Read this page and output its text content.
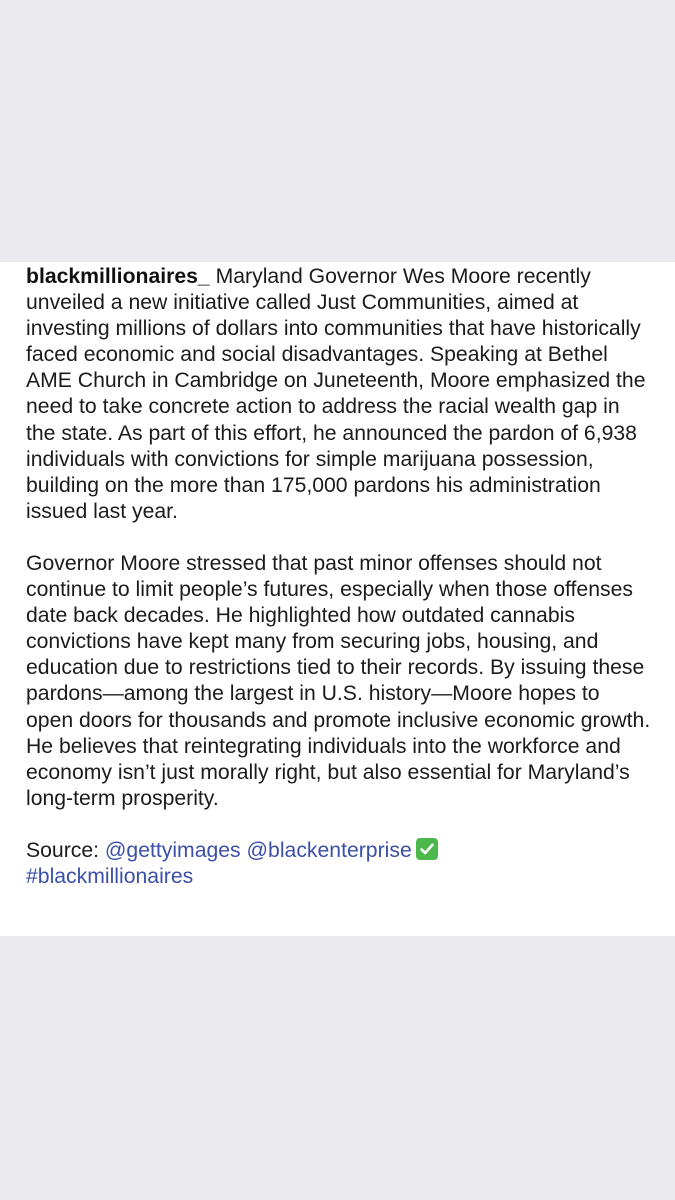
blackmillionaires_ Maryland Governor Wes Moore recently unveiled a new initiative called Just Communities, aimed at investing millions of dollars into communities that have historically faced economic and social disadvantages. Speaking at Bethel AME Church in Cambridge on Juneteenth, Moore emphasized the need to take concrete action to address the racial wealth gap in the state. As part of this effort, he announced the pardon of 6,938 individuals with convictions for simple marijuana possession, building on the more than 175,000 pardons his administration issued last year.

Governor Moore stressed that past minor offenses should not continue to limit people’s futures, especially when those offenses date back decades. He highlighted how outdated cannabis convictions have kept many from securing jobs, housing, and education due to restrictions tied to their records. By issuing these pardons—among the largest in U.S. history—Moore hopes to open doors for thousands and promote inclusive economic growth. He believes that reintegrating individuals into the workforce and economy isn’t just morally right, but also essential for Maryland’s long-term prosperity.

Source: @gettyimages @blackenterprise

#blackmillionaires
